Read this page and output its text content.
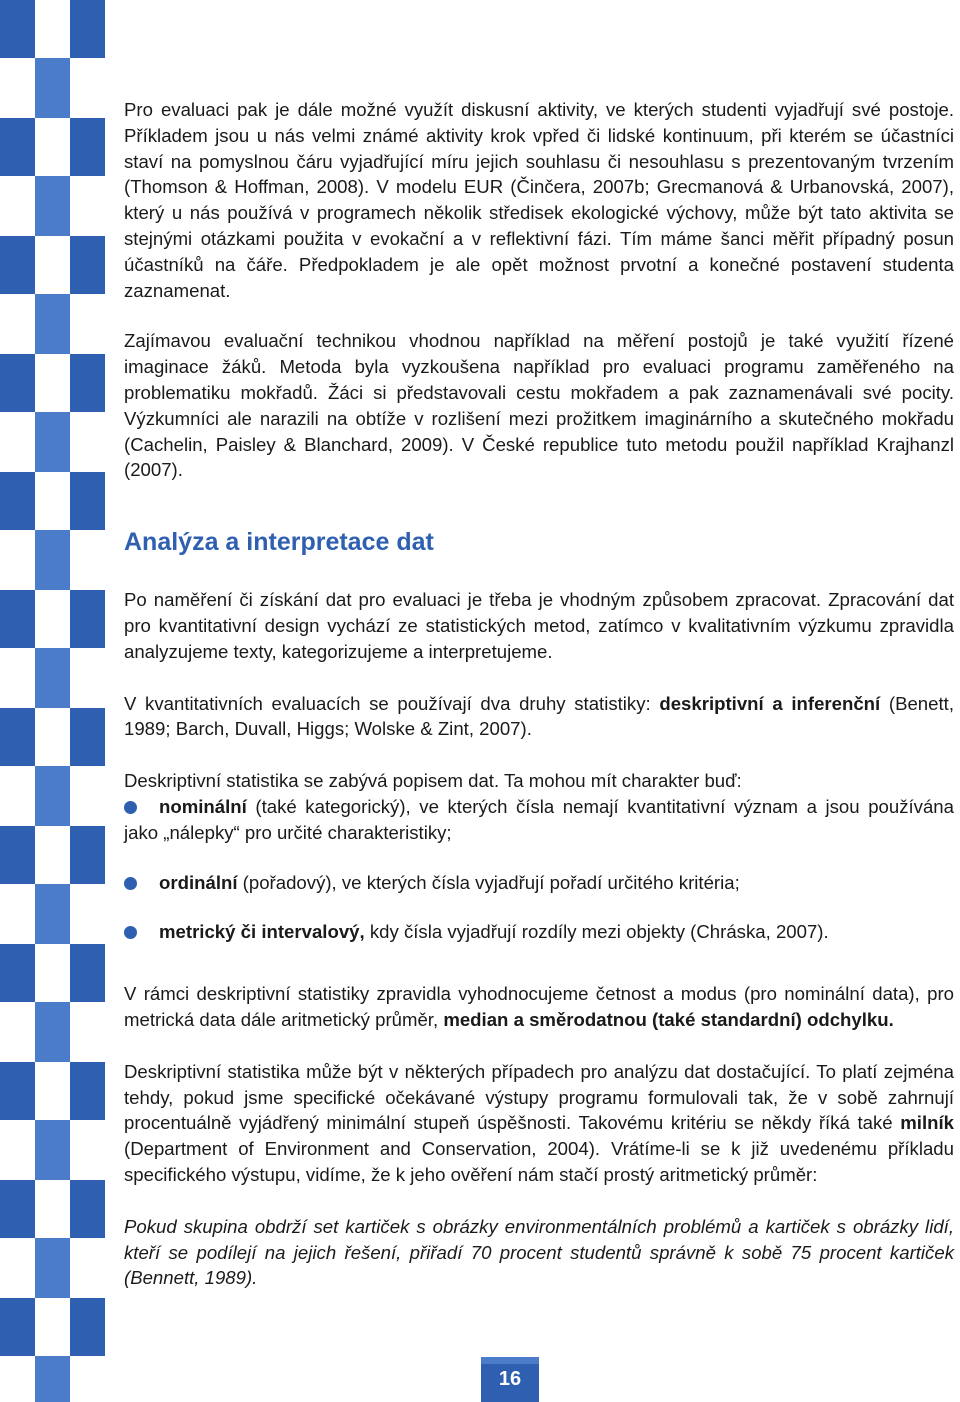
Pro evaluaci pak je dále možné využít diskusní aktivity, ve kterých studenti vyjadřují své postoje. Příkladem jsou u nás velmi známé aktivity krok vpřed či lidské kontinuum, při kterém se účastníci staví na pomyslnou čáru vyjadřující míru jejich souhlasu či nesouhlasu s prezentovaným tvrzením (Thomson & Hoffman, 2008). V modelu EUR (Činčera, 2007b; Grecmanová & Urbanovská, 2007), který u nás používá v programech několik středisek ekologické výchovy, může být tato aktivita se stejnými otázkami použita v evokační a v reflektivní fázi. Tím máme šanci měřit případný posun účastníků na čáře. Předpokladem je ale opět možnost prvotní a konečné postavení studenta zaznamenat.

Zajímavou evaluační technikou vhodnou například na měření postojů je také využití řízené imaginace žáků. Metoda byla vyzkoušena například pro evaluaci programu zaměřeného na problematiku mokřadů. Žáci si představovali cestu mokřadem a pak zaznamenávali své pocity. Výzkumníci ale narazili na obtíže v rozlišení mezi prožitkem imaginárního a skutečného mokřadu (Cachelin, Paisley & Blanchard, 2009). V České republice tuto metodu použil například Krajhanzl (2007).

Analýza a interpretace dat

Po naměření či získání dat pro evaluaci je třeba je vhodným způsobem zpracovat. Zpracování dat pro kvantitativní design vychází ze statistických metod, zatímco v kvalitativním výzkumu zpravidla analyzujeme texty, kategorizujeme a interpretujeme.

V kvantitativních evaluacích se používají dva druhy statistiky: deskriptivní a inferenční (Benett, 1989; Barch, Duvall, Higgs; Wolske & Zint, 2007).

Deskriptivní statistika se zabývá popisem dat. Ta mohou mít charakter buď:

nominální (také kategorický), ve kterých čísla nemají kvantitativní význam a jsou používána jako „nálepky“ pro určité charakteristiky;

ordinální (pořadový), ve kterých čísla vyjadřují pořadí určitého kritéria;

metrický či intervalový, kdy čísla vyjadřují rozdíly mezi objekty (Chráska, 2007).

V rámci deskriptivní statistiky zpravidla vyhodnocujeme četnost a modus (pro nominální data), pro metrická data dále aritmetický průměr, median a směrodatnou (také standardní) odchylku.

Deskriptivní statistika může být v některých případech pro analýzu dat dostačující. To platí zejména tehdy, pokud jsme specifické očekávané výstupy programu formulovali tak, že v sobě zahrnují procentuálně vyjádřený minimální stupeň úspěšnosti. Takovému kritériu se někdy říká také milník (Department of Environment and Conservation, 2004). Vrátíme-li se k již uvedenému příkladu specifického výstupu, vidíme, že k jeho ověření nám stačí prostý aritmetický průměr:

Pokud skupina obdrží set kartiček s obrázky environmentálních problémů a kartiček s obrázky lidí, kteří se podílejí na jejich řešení, přiřadí 70 procent studentů správně k sobě 75 procent kartiček (Bennett, 1989).

16
